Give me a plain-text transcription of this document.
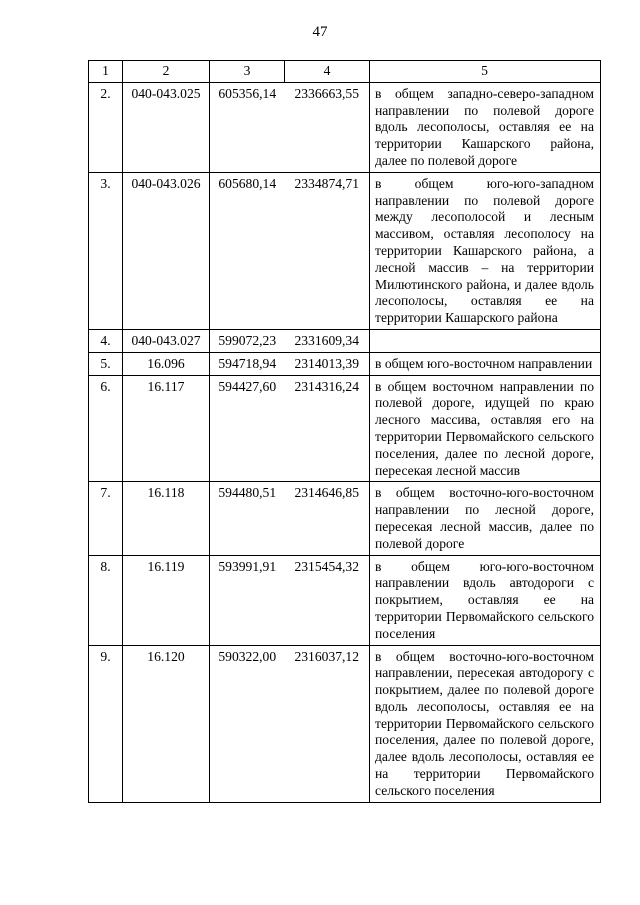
47
1	2	3	4	5
2.	040-043.025	605356,14	2336663,55	в общем западно-северо-западном направлении по полевой дороге вдоль лесополосы, оставляя ее на территории Кашарского района, далее по полевой дороге
3.	040-043.026	605680,14	2334874,71	в общем юго-юго-западном направлении по полевой дороге между лесополосой и лесным массивом, оставляя лесополосу на территории Кашарского района, а лесной массив – на территории Милютинского района, и далее вдоль лесополосы, оставляя ее на территории Кашарского района
4.	040-043.027	599072,23	2331609,34	
5.	16.096	594718,94	2314013,39	в общем юго-восточном направлении
6.	16.117	594427,60	2314316,24	в общем восточном направлении по полевой дороге, идущей по краю лесного массива, оставляя его на территории Первомайского сельского поселения, далее по лесной дороге, пересекая лесной массив
7.	16.118	594480,51	2314646,85	в общем восточно-юго-восточном направлении по лесной дороге, пересекая лесной массив, далее по полевой дороге
8.	16.119	593991,91	2315454,32	в общем юго-юго-восточном направлении вдоль автодороги с покрытием, оставляя ее на территории Первомайского сельского поселения
9.	16.120	590322,00	2316037,12	в общем восточно-юго-восточном направлении, пересекая автодорогу с покрытием, далее по полевой дороге вдоль лесополосы, оставляя ее на территории Первомайского сельского поселения, далее по полевой дороге, далее вдоль лесополосы, оставляя ее на территории Первомайского сельского поселения
